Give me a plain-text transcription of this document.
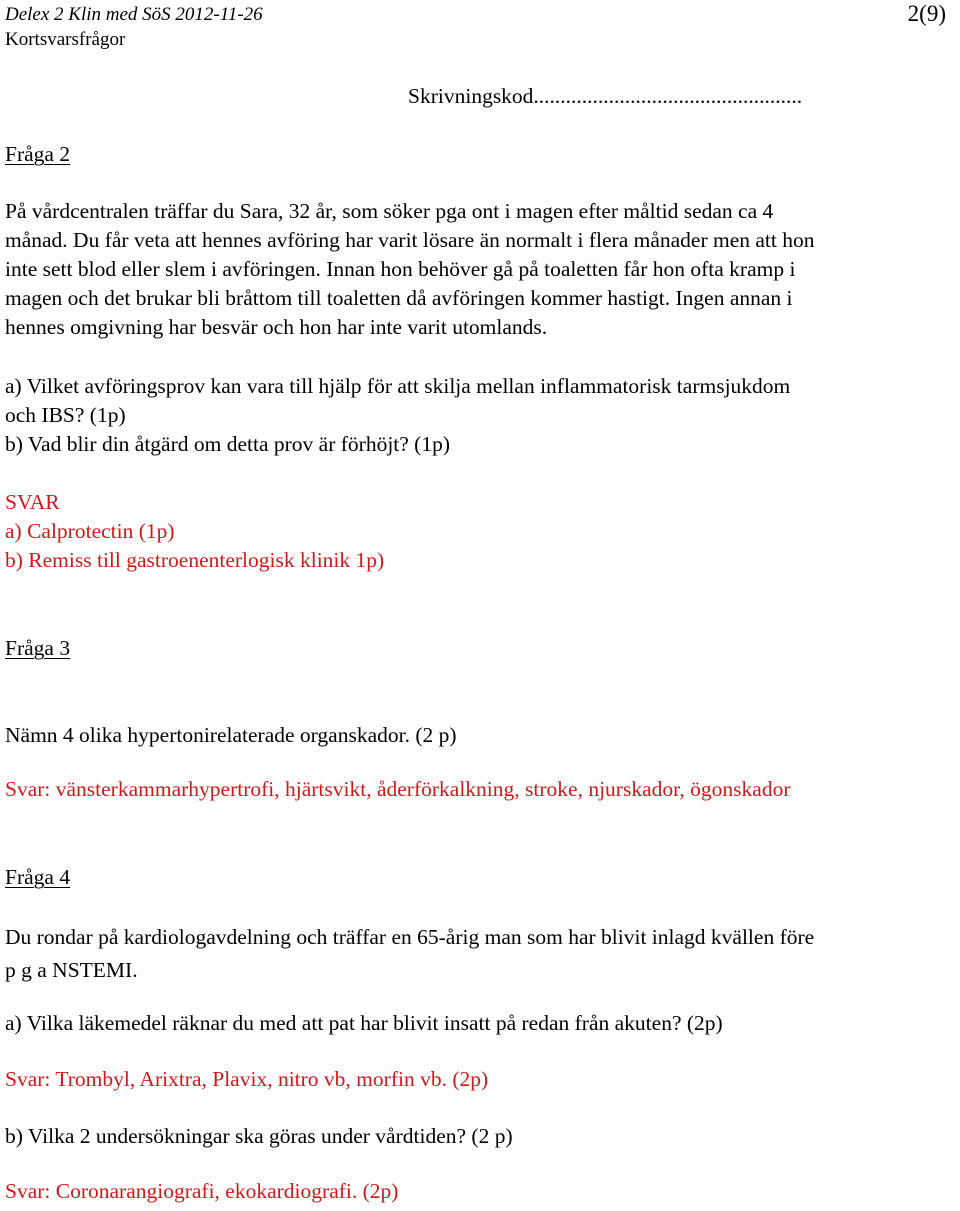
Delex 2 Klin med SöS 2012-11-26	2(9)
Kortsvarsfrågor
Skrivningskod..................................................
Fråga 2
På vårdcentralen träffar du Sara, 32 år, som söker pga ont i magen efter måltid sedan ca 4
månad. Du får veta att hennes avföring har varit lösare än normalt i flera månader men att hon
inte sett blod eller slem i avföringen. Innan hon behöver gå på toaletten får hon ofta kramp i
magen och det brukar bli bråttom till toaletten då avföringen kommer hastigt. Ingen annan i
hennes omgivning har besvär och hon har inte varit utomlands.
a) Vilket avföringsprov kan vara till hjälp för att skilja mellan inflammatorisk tarmsjukdom
och IBS? (1p)
b) Vad blir din åtgärd om detta prov är förhöjt? (1p)
SVAR
a) Calprotectin (1p)
b) Remiss till gastroenenterlogisk klinik 1p)
Fråga 3
Nämn 4 olika hypertonirelaterade organskador. (2 p)
Svar: vänsterkammarhypertrofi, hjärtsvikt, åderförkalkning, stroke, njurskador, ögonskador
Fråga 4
Du rondar på kardiologavdelning och träffar en 65-årig man som har blivit inlagd kvällen före
p g a NSTEMI.
a) Vilka läkemedel räknar du med att pat har blivit insatt på redan från akuten? (2p)
Svar: Trombyl, Arixtra, Plavix, nitro vb, morfin vb. (2p)
b) Vilka 2 undersökningar ska göras under vårdtiden? (2 p)
Svar: Coronarangiografi, ekokardiografi. (2p)
